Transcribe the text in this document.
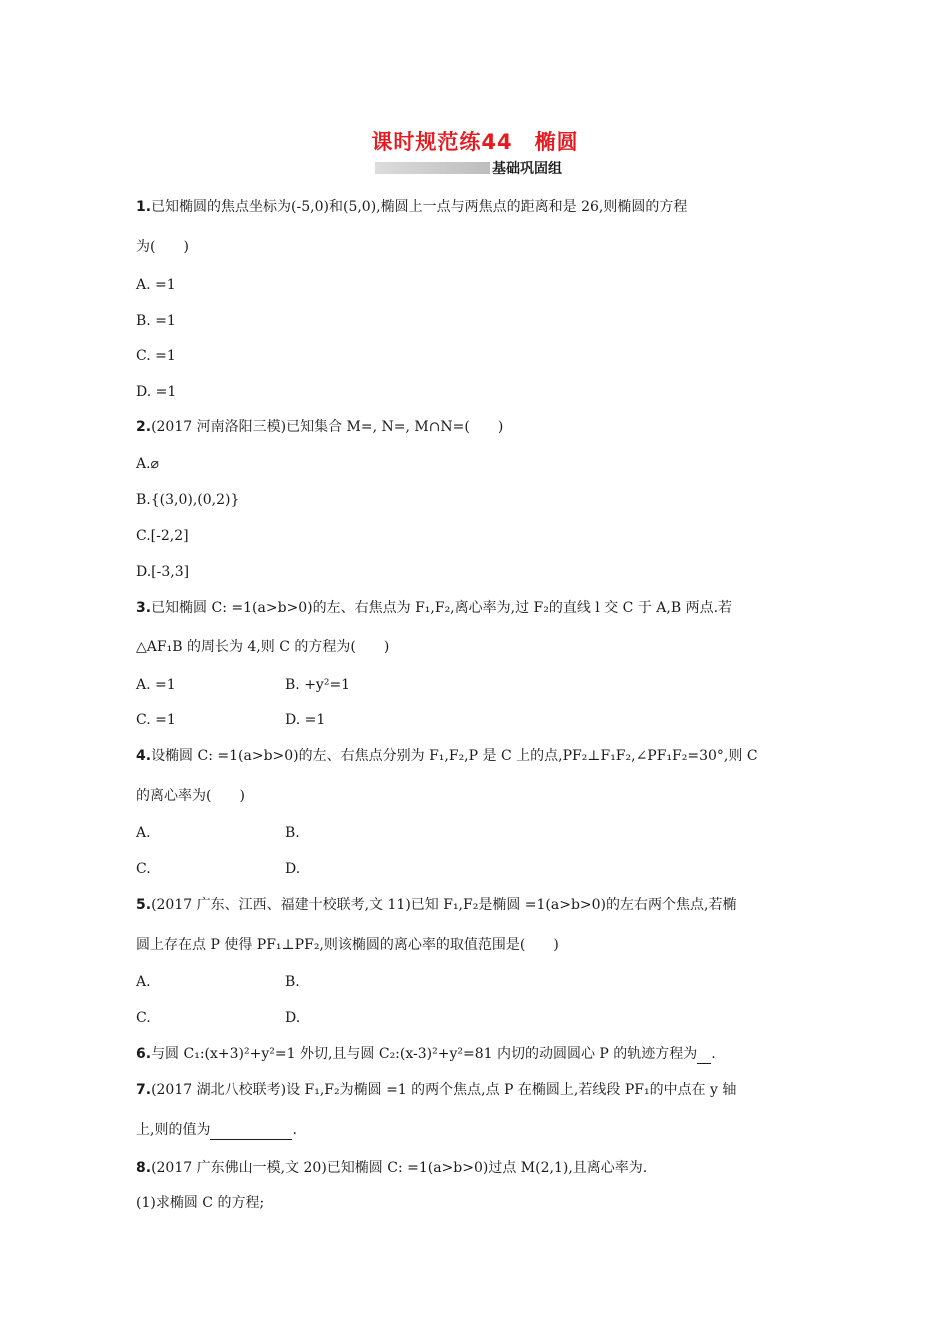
课时规范练44　椭圆
基础巩固组
1.已知椭圆的焦点坐标为(-5,0)和(5,0),椭圆上一点与两焦点的距离和是 26,则椭圆的方程
为(　　)
A. =1
B. =1
C. =1
D. =1
2.(2017 河南洛阳三模)已知集合 M=, N=, M∩N=(　　)
A.⌀
B.{(3,0),(0,2)}
C.[-2,2]
D.[-3,3]
3.已知椭圆 C: =1(a>b>0)的左、右焦点为 F₁,F₂,离心率为,过 F₂的直线 l 交 C 于 A,B 两点.若
△AF₁B 的周长为 4,则 C 的方程为(　　)
A. =1	B. +y²=1
C. =1	D. =1
4.设椭圆 C: =1(a>b>0)的左、右焦点分别为 F₁,F₂,P 是 C 上的点,PF₂⊥F₁F₂,∠PF₁F₂=30°,则 C
的离心率为(　　)
A.	B.
C.	D.
5.(2017 广东、江西、福建十校联考,文 11)已知 F₁,F₂是椭圆 =1(a>b>0)的左右两个焦点,若椭
圆上存在点 P 使得 PF₁⊥PF₂,则该椭圆的离心率的取值范围是(　　)
A.	B.
C.	D.
6.与圆 C₁:(x+3)²+y²=1 外切,且与圆 C₂:(x-3)²+y²=81 内切的动圆圆心 P 的轨迹方程为 .
7.(2017 湖北八校联考)设 F₁,F₂为椭圆 =1 的两个焦点,点 P 在椭圆上,若线段 PF₁的中点在 y 轴
上,则的值为	.
8.(2017 广东佛山一模,文 20)已知椭圆 C: =1(a>b>0)过点 M(2,1),且离心率为.
(1)求椭圆 C 的方程;
